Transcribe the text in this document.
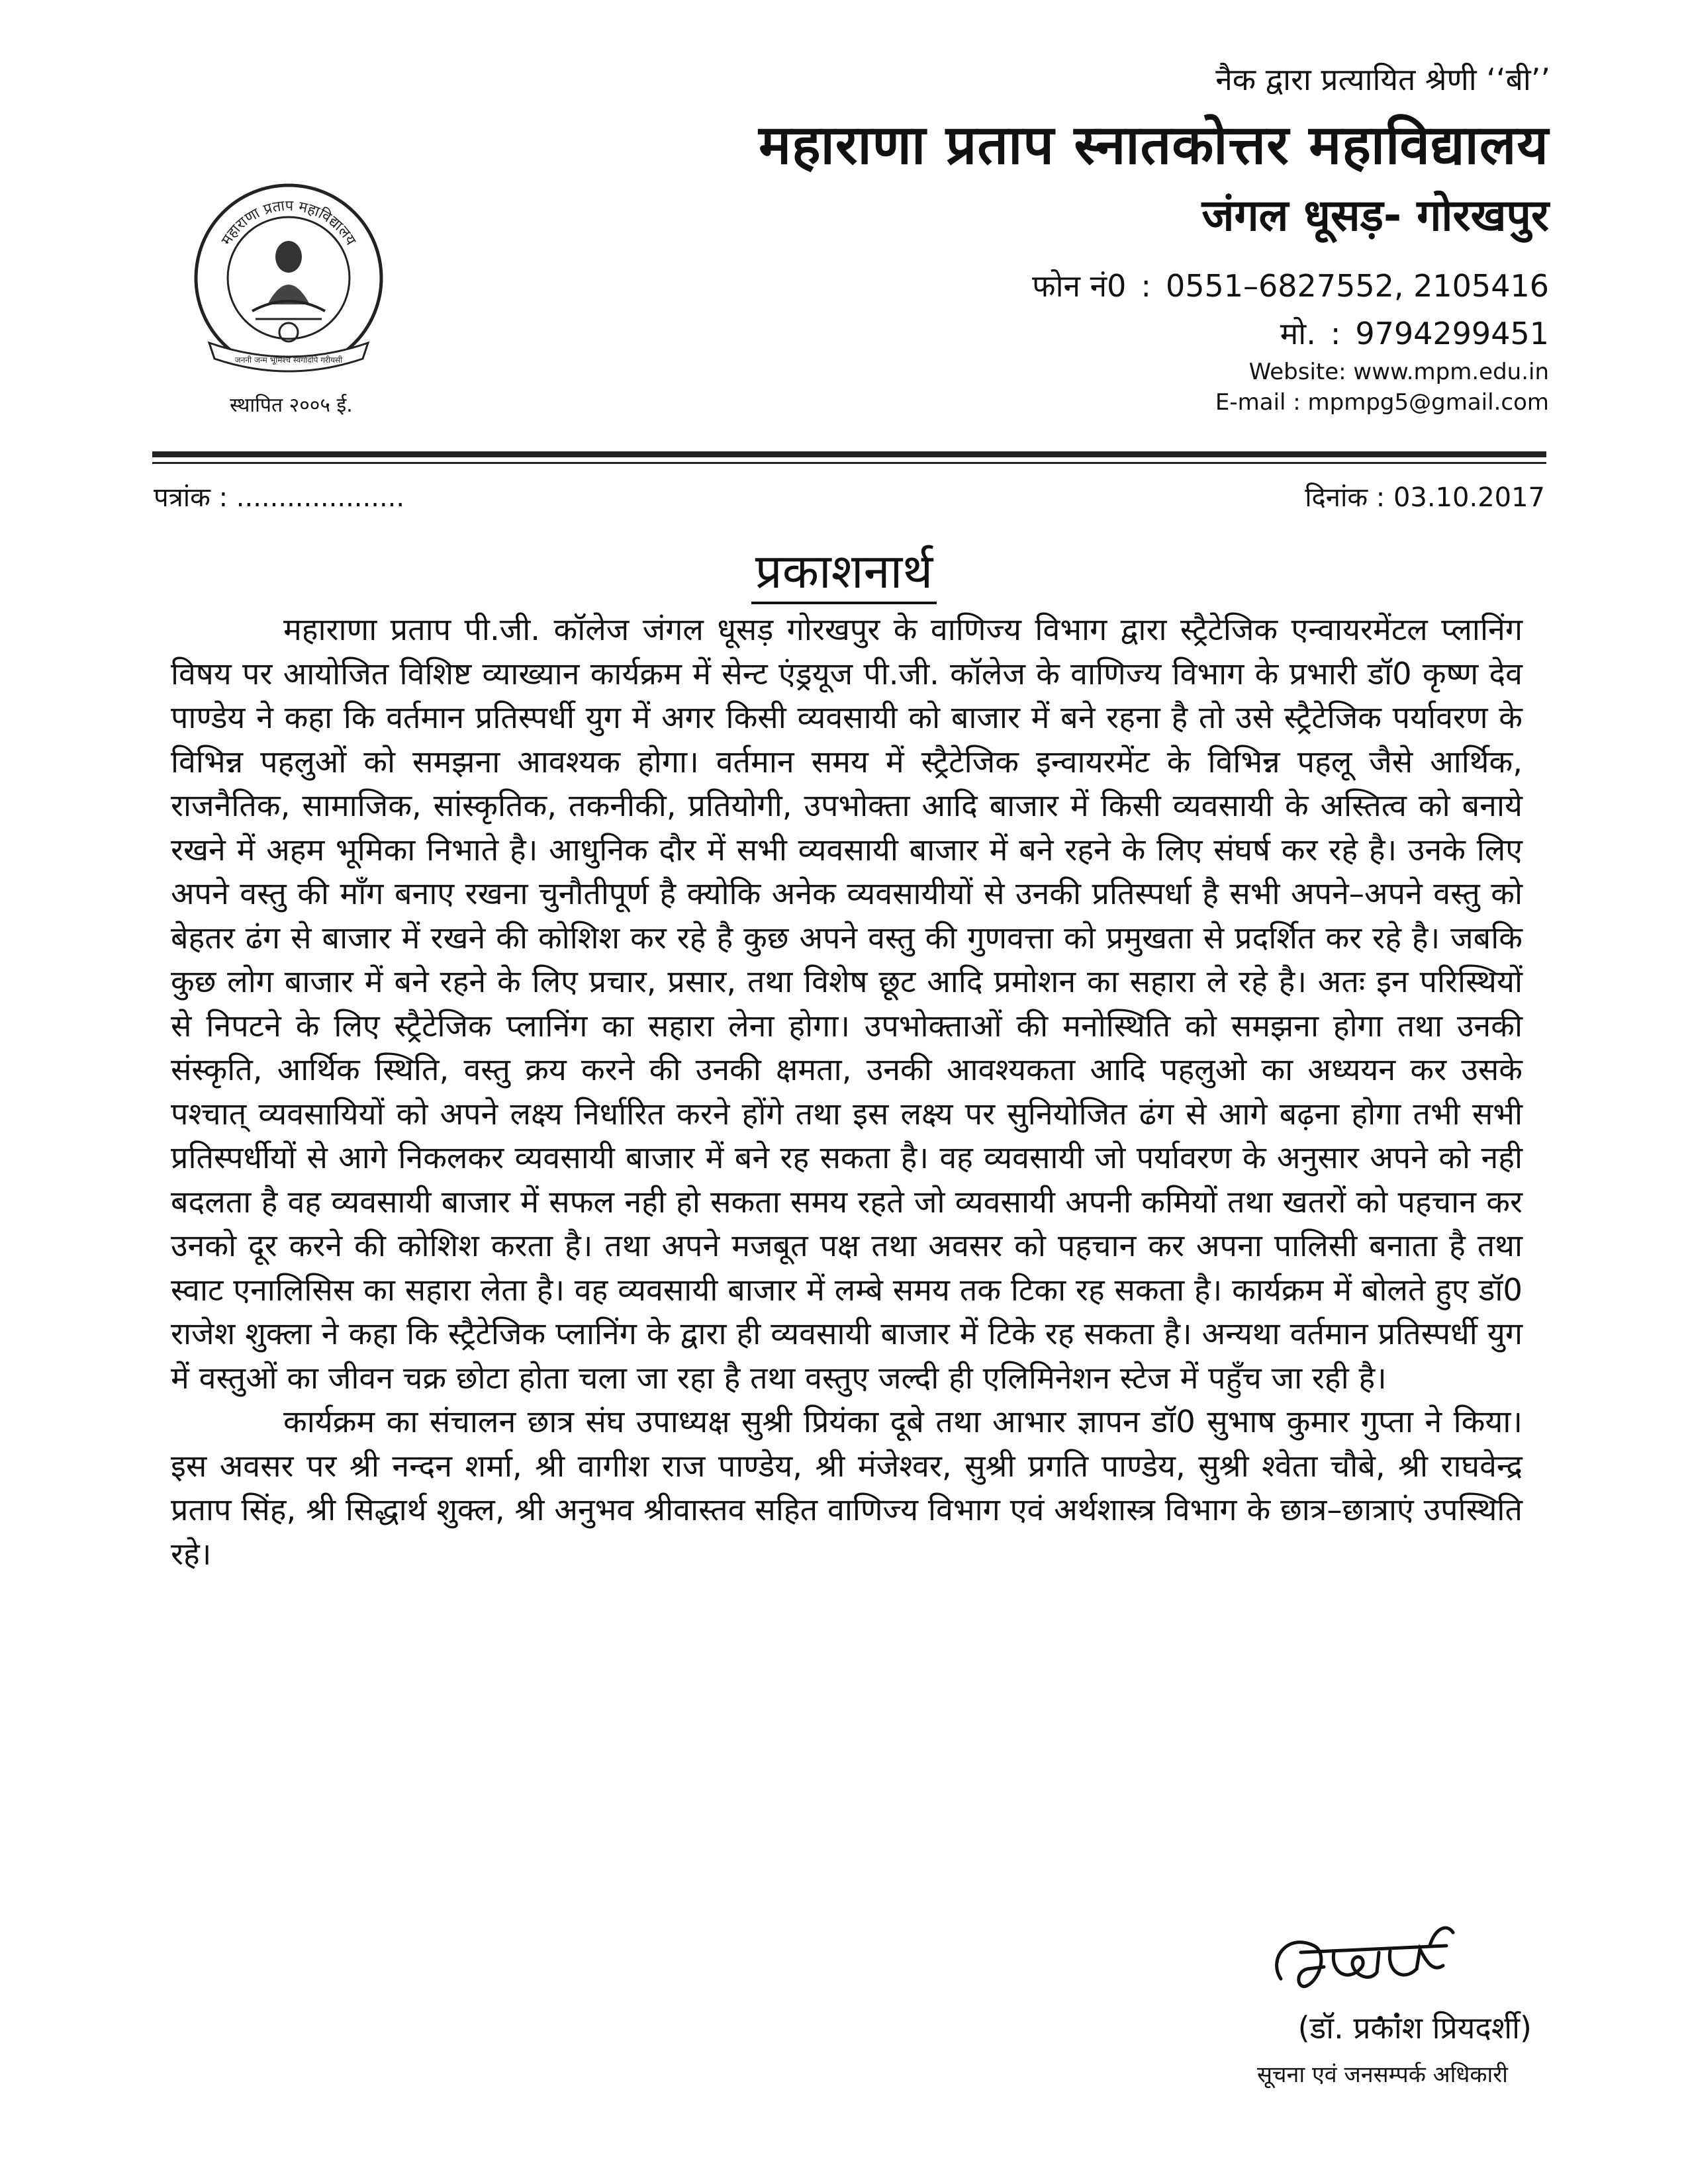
नैक द्वारा प्रत्यायित श्रेणी ‘‘बी’’
महाराणा प्रताप स्नातकोत्तर महाविद्यालय
जंगल धूसड़- गोरखपुर
फोन नं0 : 0551–6827552, 2105416
मो. : 9794299451
Website: www.mpm.edu.in
E-mail : mpmpg5@gmail.com
महाराणा प्रताप महाविद्यालय
जननी जन्म भूमिश्च स्वर्गादपि गरीयसी
स्थापित २००५ ई.
पत्रांक : ....................	दिनांक : 03.10.2017
प्रकाशनार्थ

महाराणा प्रताप पी.जी. कॉलेज जंगल धूसड़ गोरखपुर के वाणिज्य विभाग द्वारा स्ट्रैटेजिक एन्वायरमेंटल प्लानिंग विषय पर आयोजित विशिष्ट व्याख्यान कार्यक्रम में सेन्ट एंड्रयूज पी.जी. कॉलेज के वाणिज्य विभाग के प्रभारी डॉ0 कृष्ण देव पाण्डेय ने कहा कि वर्तमान प्रतिस्पर्धी युग में अगर किसी व्यवसायी को बाजार में बने रहना है तो उसे स्ट्रैटेजिक पर्यावरण के विभिन्न पहलुओं को समझना आवश्यक होगा। वर्तमान समय में स्ट्रैटेजिक इन्वायरमेंट के विभिन्न पहलू जैसे आर्थिक, राजनैतिक, सामाजिक, सांस्कृतिक, तकनीकी, प्रतियोगी, उपभोक्ता आदि बाजार में किसी व्यवसायी के अस्तित्व को बनाये रखने में अहम भूमिका निभाते है। आधुनिक दौर में सभी व्यवसायी बाजार में बने रहने के लिए संघर्ष कर रहे है। उनके लिए अपने वस्तु की माँग बनाए रखना चुनौतीपूर्ण है क्योकि अनेक व्यवसायीयों से उनकी प्रतिस्पर्धा है सभी अपने–अपने वस्तु को बेहतर ढंग से बाजार में रखने की कोशिश कर रहे है कुछ अपने वस्तु की गुणवत्ता को प्रमुखता से प्रदर्शित कर रहे है। जबकि कुछ लोग बाजार में बने रहने के लिए प्रचार, प्रसार, तथा विशेष छूट आदि प्रमोशन का सहारा ले रहे है। अतः इन परिस्थियों से निपटने के लिए स्ट्रैटेजिक प्लानिंग का सहारा लेना होगा। उपभोक्ताओं की मनोस्थिति को समझना होगा तथा उनकी संस्कृति, आर्थिक स्थिति, वस्तु क्रय करने की उनकी क्षमता, उनकी आवश्यकता आदि पहलुओ का अध्ययन कर उसके पश्चात् व्यवसायियों को अपने लक्ष्य निर्धारित करने होंगे तथा इस लक्ष्य पर सुनियोजित ढंग से आगे बढ़ना होगा तभी सभी प्रतिस्पर्धीयों से आगे निकलकर व्यवसायी बाजार में बने रह सकता है। वह व्यवसायी जो पर्यावरण के अनुसार अपने को नही बदलता है वह व्यवसायी बाजार में सफल नही हो सकता समय रहते जो व्यवसायी अपनी कमियों तथा खतरों को पहचान कर उनको दूर करने की कोशिश करता है। तथा अपने मजबूत पक्ष तथा अवसर को पहचान कर अपना पालिसी बनाता है तथा स्वाट एनालिसिस का सहारा लेता है। वह व्यवसायी बाजार में लम्बे समय तक टिका रह सकता है। कार्यक्रम में बोलते हुए डॉ0 राजेश शुक्ला ने कहा कि स्ट्रैटेजिक प्लानिंग के द्वारा ही व्यवसायी बाजार में टिके रह सकता है। अन्यथा वर्तमान प्रतिस्पर्धी युग में वस्तुओं का जीवन चक्र छोटा होता चला जा रहा है तथा वस्तुए जल्दी ही एलिमिनेशन स्टेज में पहुँच जा रही है।

कार्यक्रम का संचालन छात्र संघ उपाध्यक्ष सुश्री प्रियंका दूबे तथा आभार ज्ञापन डॉ0 सुभाष कुमार गुप्ता ने किया। इस अवसर पर श्री नन्दन शर्मा, श्री वागीश राज पाण्डेय, श्री मंजेश्वर, सुश्री प्रगति पाण्डेय, सुश्री श्वेता चौबे, श्री राघवेन्द्र प्रताप सिंह, श्री सिद्धार्थ शुक्ल, श्री अनुभव श्रीवास्तव सहित वाणिज्य विभाग एवं अर्थशास्त्र विभाग के छात्र–छात्राएं उपस्थिति रहे।

(डॉ. प्रकाश प्रियदर्शी)
सूचना एवं जनसम्पर्क अधिकारी
